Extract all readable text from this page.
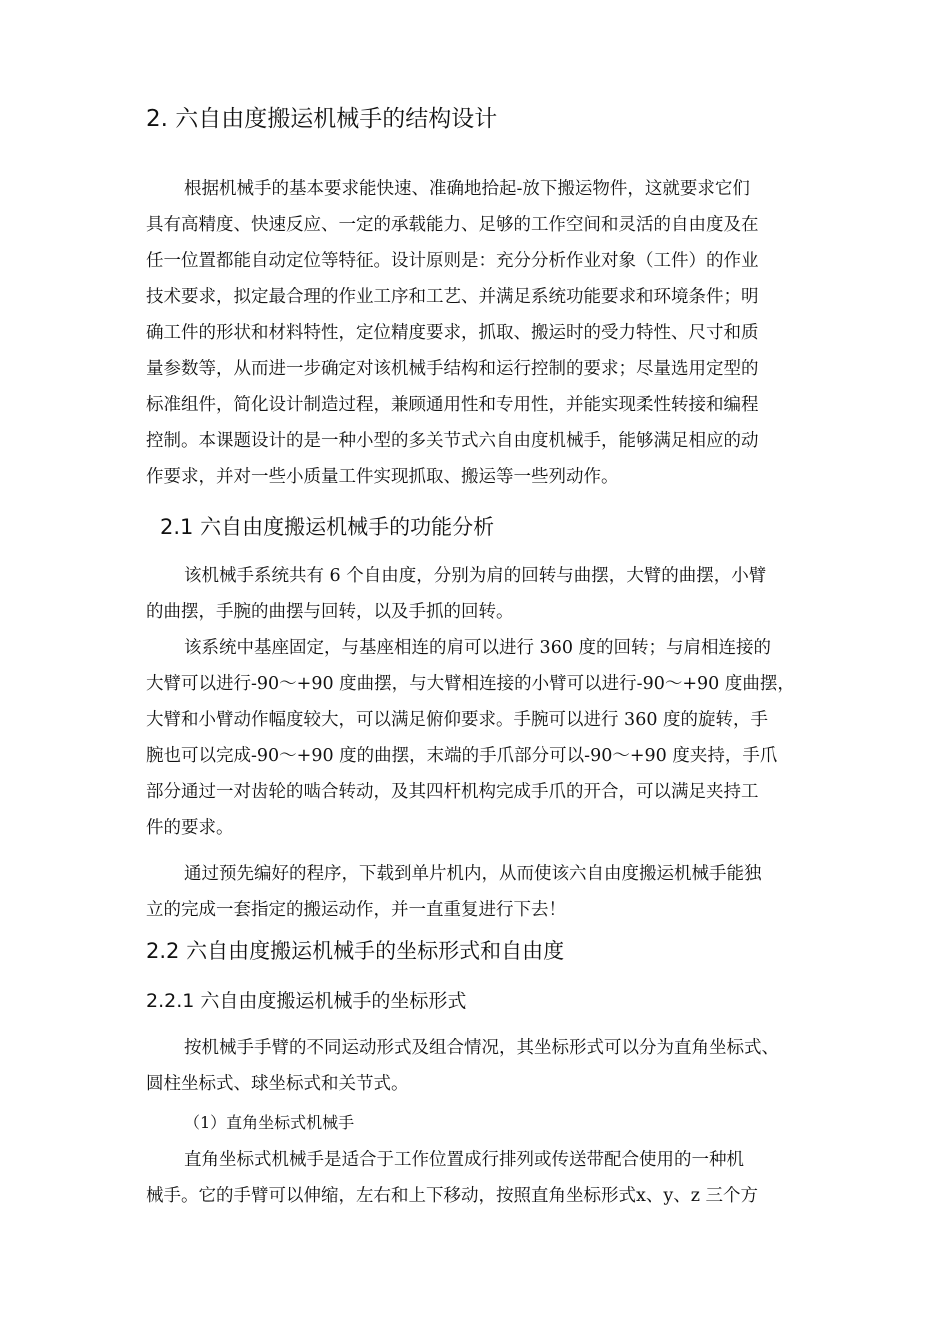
2. 六自由度搬运机械手的结构设计

根据机械手的基本要求能快速、准确地拾起-放下搬运物件，这就要求它们

具有高精度、快速反应、一定的承载能力、足够的工作空间和灵活的自由度及在

任一位置都能自动定位等特征。设计原则是：充分分析作业对象（工件）的作业

技术要求，拟定最合理的作业工序和工艺、并满足系统功能要求和环境条件；明

确工件的形状和材料特性，定位精度要求，抓取、搬运时的受力特性、尺寸和质

量参数等，从而进一步确定对该机械手结构和运行控制的要求；尽量选用定型的

标准组件，简化设计制造过程，兼顾通用性和专用性，并能实现柔性转接和编程

控制。本课题设计的是一种小型的多关节式六自由度机械手，能够满足相应的动

作要求，并对一些小质量工件实现抓取、搬运等一些列动作。

2.1 六自由度搬运机械手的功能分析

该机械手系统共有 6 个自由度，分别为肩的回转与曲摆，大臂的曲摆，小臂

的曲摆，手腕的曲摆与回转，以及手抓的回转。

该系统中基座固定，与基座相连的肩可以进行 360 度的回转；与肩相连接的

大臂可以进行-90～+90 度曲摆，与大臂相连接的小臂可以进行-90～+90 度曲摆，

大臂和小臂动作幅度较大，可以满足俯仰要求。手腕可以进行 360 度的旋转，手

腕也可以完成-90～+90 度的曲摆，末端的手爪部分可以-90～+90 度夹持，手爪

部分通过一对齿轮的啮合转动，及其四杆机构完成手爪的开合，可以满足夹持工

件的要求。

通过预先编好的程序，下载到单片机内，从而使该六自由度搬运机械手能独

立的完成一套指定的搬运动作，并一直重复进行下去！

2.2 六自由度搬运机械手的坐标形式和自由度
2.2.1 六自由度搬运机械手的坐标形式

按机械手手臂的不同运动形式及组合情况，其坐标形式可以分为直角坐标式、

圆柱坐标式、球坐标式和关节式。

（1）直角坐标式机械手

直角坐标式机械手是适合于工作位置成行排列或传送带配合使用的一种机

械手。它的手臂可以伸缩，左右和上下移动，按照直角坐标形式x、y、z 三个方
